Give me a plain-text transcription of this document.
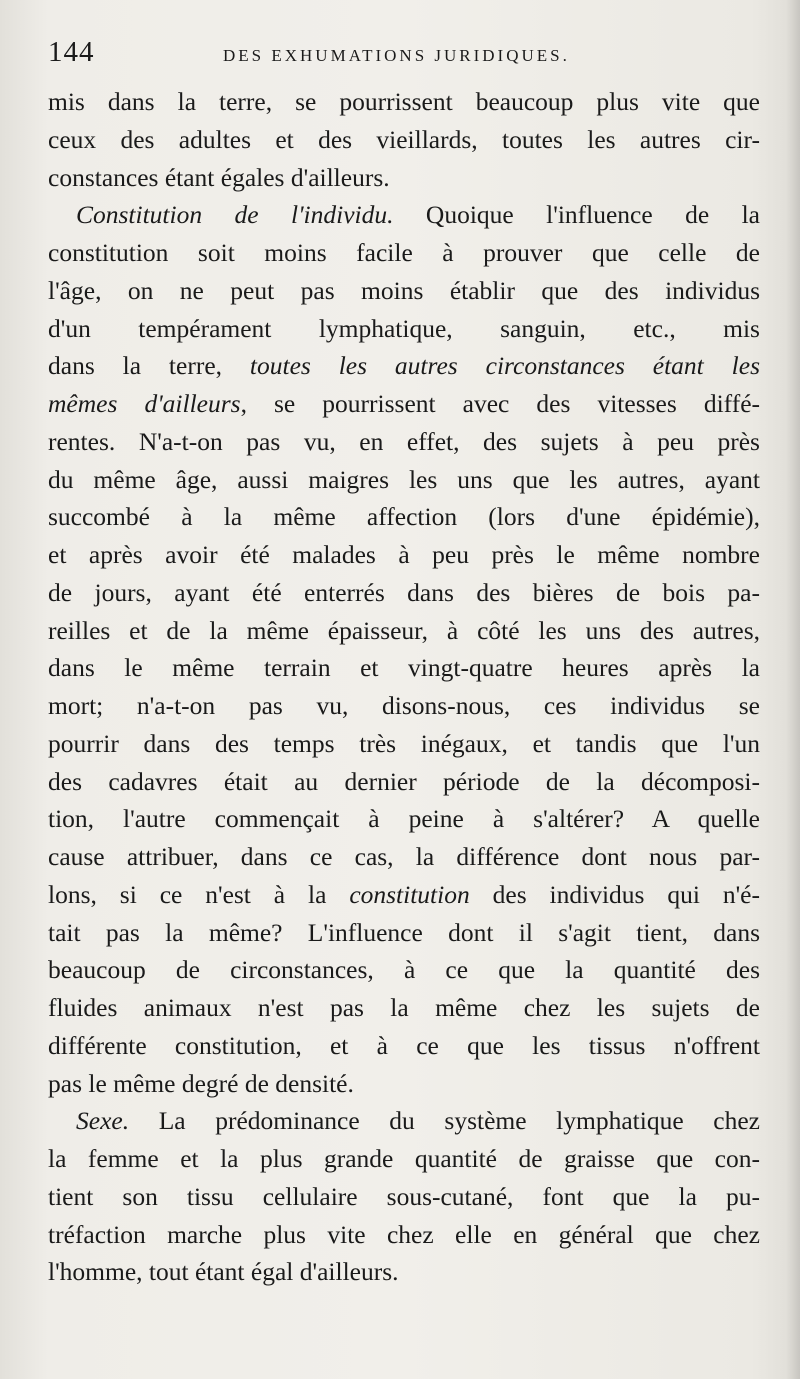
144	DES EXHUMATIONS JURIDIQUES.
mis dans la terre, se pourrissent beaucoup plus vite que
ceux des adultes et des vieillards, toutes les autres cir-
constances étant égales d'ailleurs.
Constitution de l'individu. Quoique l'influence de la
constitution soit moins facile à prouver que celle de
l'âge, on ne peut pas moins établir que des individus
d'un tempérament lymphatique, sanguin, etc., mis
dans la terre, toutes les autres circonstances étant les
mêmes d'ailleurs, se pourrissent avec des vitesses diffé-
rentes. N'a-t-on pas vu, en effet, des sujets à peu près
du même âge, aussi maigres les uns que les autres, ayant
succombé à la même affection (lors d'une épidémie),
et après avoir été malades à peu près le même nombre
de jours, ayant été enterrés dans des bières de bois pa-
reilles et de la même épaisseur, à côté les uns des autres,
dans le même terrain et vingt-quatre heures après la
mort; n'a-t-on pas vu, disons-nous, ces individus se
pourrir dans des temps très inégaux, et tandis que l'un
des cadavres était au dernier période de la décomposi-
tion, l'autre commençait à peine à s'altérer? A quelle
cause attribuer, dans ce cas, la différence dont nous par-
lons, si ce n'est à la constitution des individus qui n'é-
tait pas la même? L'influence dont il s'agit tient, dans
beaucoup de circonstances, à ce que la quantité des
fluides animaux n'est pas la même chez les sujets de
différente constitution, et à ce que les tissus n'offrent
pas le même degré de densité.
Sexe. La prédominance du système lymphatique chez
la femme et la plus grande quantité de graisse que con-
tient son tissu cellulaire sous-cutané, font que la pu-
tréfaction marche plus vite chez elle en général que chez
l'homme, tout étant égal d'ailleurs.
